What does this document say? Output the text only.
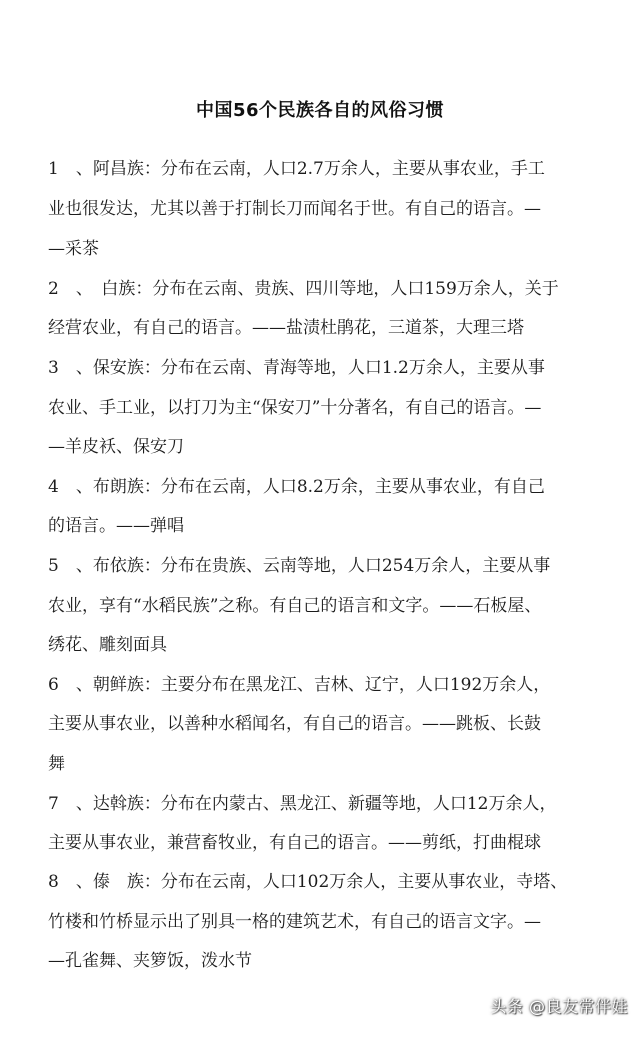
中国56个民族各自的风俗习惯
1　、阿昌族：分布在云南，人口2.7万余人，主要从事农业，手工
业也很发达，尤其以善于打制长刀而闻名于世。有自己的语言。—
—采茶
2　、　白族：分布在云南、贵族、四川等地，人口159万余人，关于
经营农业，有自己的语言。——盐渍杜鹃花，三道茶，大理三塔
3　、保安族：分布在云南、青海等地，人口1.2万余人，主要从事
农业、手工业，以打刀为主“保安刀”十分著名，有自己的语言。—
—羊皮袄、保安刀
4　、布朗族：分布在云南，人口8.2万余，主要从事农业，有自己
的语言。——弹唱
5　、布依族：分布在贵族、云南等地，人口254万余人，主要从事
农业，享有“水稻民族”之称。有自己的语言和文字。——石板屋、
绣花、雕刻面具
6　、朝鲜族：主要分布在黑龙江、吉林、辽宁，人口192万余人，
主要从事农业，以善种水稻闻名，有自己的语言。——跳板、长鼓
舞
7　、达斡族：分布在内蒙古、黑龙江、新疆等地，人口12万余人，
主要从事农业，兼营畜牧业，有自己的语言。——剪纸，打曲棍球
8　、傣　族：分布在云南，人口102万余人，主要从事农业，寺塔、
竹楼和竹桥显示出了别具一格的建筑艺术，有自己的语言文字。—
—孔雀舞、夹箩饭，泼水节
头条 @良友常伴娃
